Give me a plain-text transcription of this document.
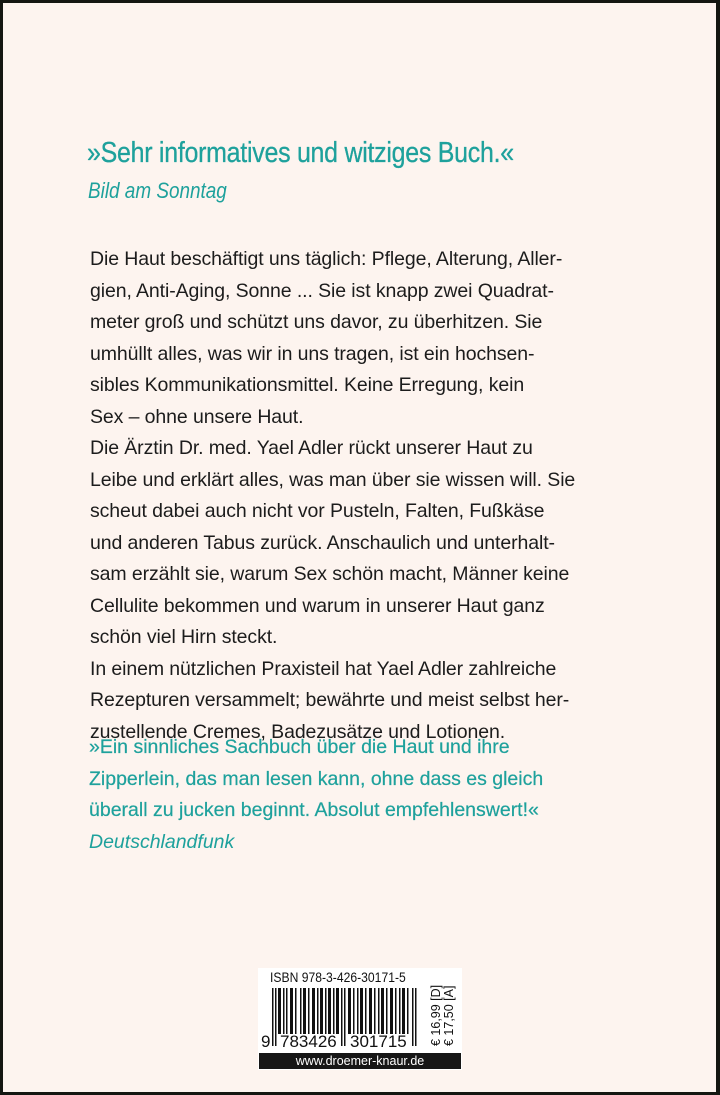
»Sehr informatives und witziges Buch.«
Bild am Sonntag
Die Haut beschäftigt uns täglich: Pflege, Alterung, Aller-
gien, Anti-Aging, Sonne ... Sie ist knapp zwei Quadrat-
meter groß und schützt uns davor, zu überhitzen. Sie
umhüllt alles, was wir in uns tragen, ist ein hochsen-
sibles Kommunikationsmittel. Keine Erregung, kein
Sex – ohne unsere Haut.
Die Ärztin Dr. med. Yael Adler rückt unserer Haut zu
Leibe und erklärt alles, was man über sie wissen will. Sie
scheut dabei auch nicht vor Pusteln, Falten, Fußkäse
und anderen Tabus zurück. Anschaulich und unterhalt-
sam erzählt sie, warum Sex schön macht, Männer keine
Cellulite bekommen und warum in unserer Haut ganz
schön viel Hirn steckt.
In einem nützlichen Praxisteil hat Yael Adler zahlreiche
Rezepturen versammelt; bewährte und meist selbst her-
zustellende Cremes, Badezusätze und Lotionen.
»Ein sinnliches Sachbuch über die Haut und ihre
Zipperlein, das man lesen kann, ohne dass es gleich
überall zu jucken beginnt. Absolut empfehlenswert!«
Deutschlandfunk
ISBN 978-3-426-30171-5
9 783426 301715 € 16,99 [D] € 17,50 [A]
www.droemer-knaur.de
